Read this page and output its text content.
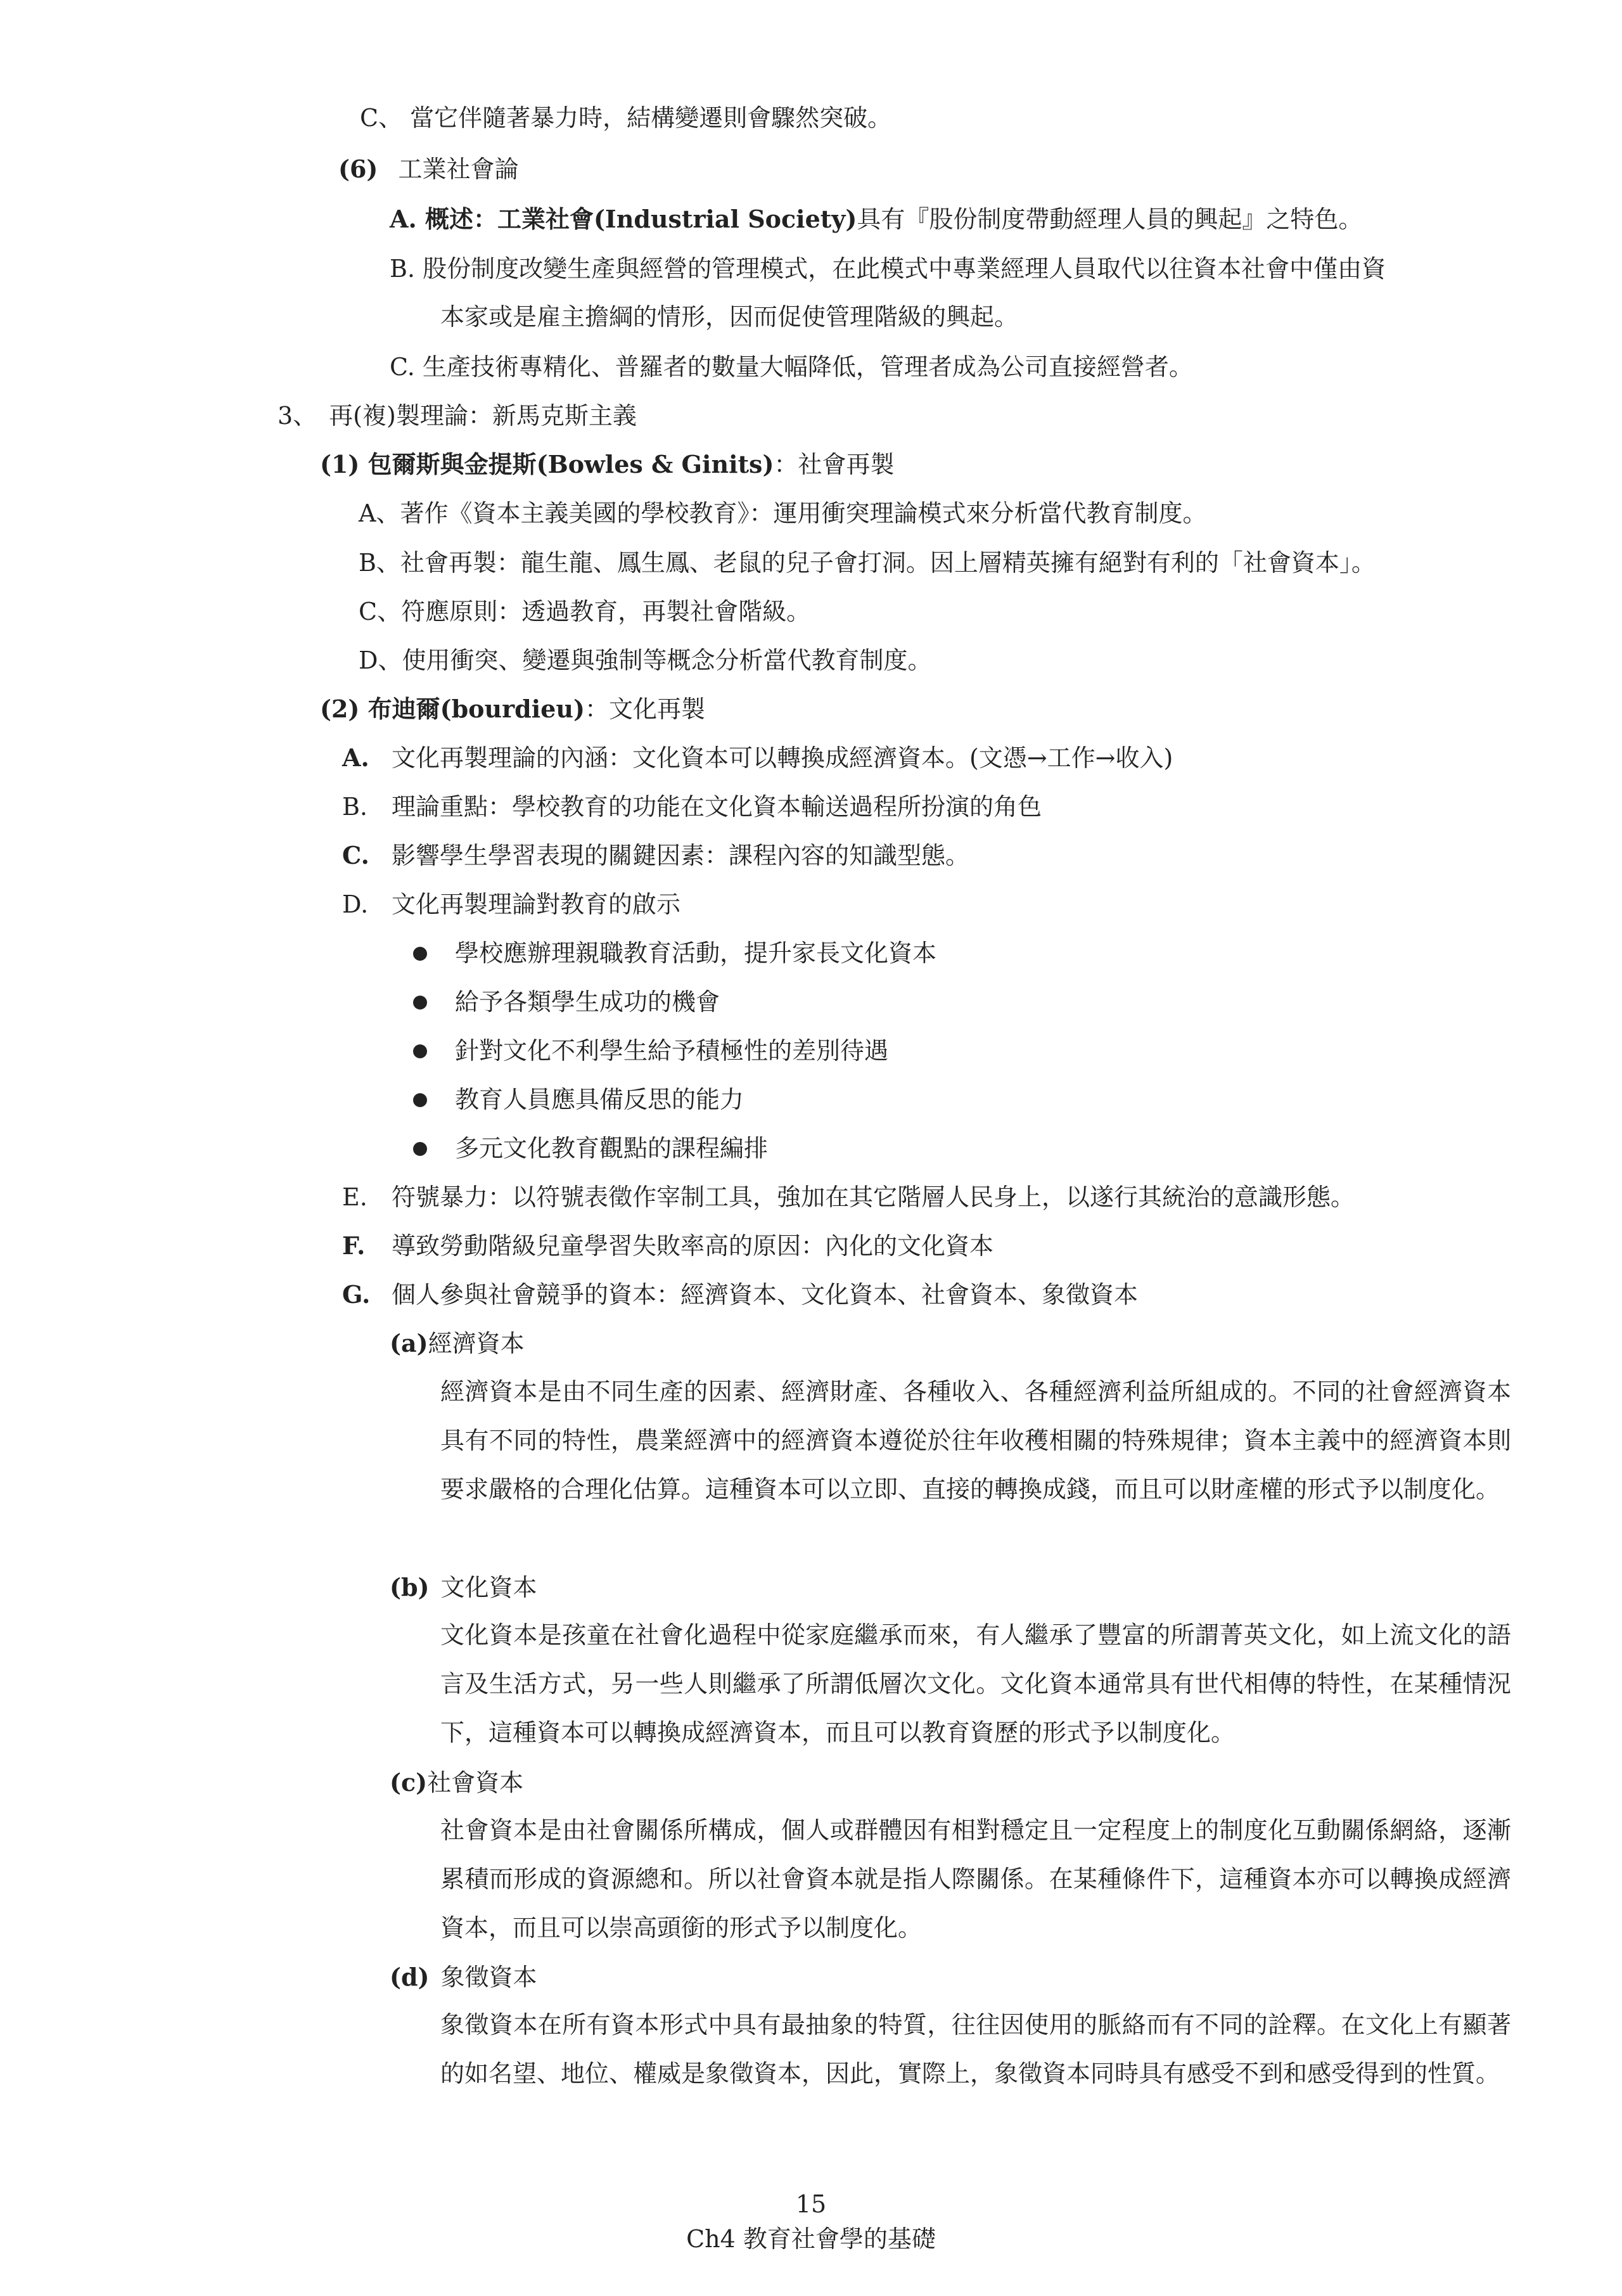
C、 當它伴隨著暴力時，結構變遷則會驟然突破。
(6) 工業社會論
A. 概述：工業社會(Industrial Society)具有『股份制度帶動經理人員的興起』之特色。
B. 股份制度改變生產與經營的管理模式，在此模式中專業經理人員取代以往資本社會中僅由資
本家或是雇主擔綱的情形，因而促使管理階級的興起。
C. 生產技術專精化、普羅者的數量大幅降低，管理者成為公司直接經營者。
3、　再(複)製理論：新馬克斯主義
(1) 包爾斯與金提斯(Bowles & Ginits)：社會再製
A、著作《資本主義美國的學校教育》：運用衝突理論模式來分析當代教育制度。
B、社會再製：龍生龍、鳳生鳳、老鼠的兒子會打洞。因上層精英擁有絕對有利的「社會資本」。
C、符應原則：透過教育，再製社會階級。
D、使用衝突、變遷與強制等概念分析當代教育制度。
(2) 布迪爾(bourdieu)：文化再製
A. 文化再製理論的內涵：文化資本可以轉換成經濟資本。(文憑→工作→收入)
B. 理論重點：學校教育的功能在文化資本輸送過程所扮演的角色
C. 影響學生學習表現的關鍵因素：課程內容的知識型態。
D. 文化再製理論對教育的啟示
學校應辦理親職教育活動，提升家長文化資本
給予各類學生成功的機會
針對文化不利學生給予積極性的差別待遇
教育人員應具備反思的能力
多元文化教育觀點的課程編排
E. 符號暴力：以符號表徵作宰制工具，強加在其它階層人民身上，以遂行其統治的意識形態。
F. 導致勞動階級兒童學習失敗率高的原因：內化的文化資本
G. 個人參與社會競爭的資本：經濟資本、文化資本、社會資本、象徵資本
(a)經濟資本
經濟資本是由不同生產的因素、經濟財產、各種收入、各種經濟利益所組成的。不同的社會經濟資本具有不同的特性，農業經濟中的經濟資本遵從於往年收穫相關的特殊規律；資本主義中的經濟資本則要求嚴格的合理化估算。這種資本可以立即、直接的轉換成錢，而且可以財產權的形式予以制度化。
(b) 文化資本
文化資本是孩童在社會化過程中從家庭繼承而來，有人繼承了豐富的所謂菁英文化，如上流文化的語言及生活方式，另一些人則繼承了所謂低層次文化。文化資本通常具有世代相傳的特性，在某種情況下，這種資本可以轉換成經濟資本，而且可以教育資歷的形式予以制度化。
(c)社會資本
社會資本是由社會關係所構成，個人或群體因有相對穩定且一定程度上的制度化互動關係網絡，逐漸累積而形成的資源總和。所以社會資本就是指人際關係。在某種條件下，這種資本亦可以轉換成經濟資本，而且可以崇高頭銜的形式予以制度化。
(d) 象徵資本
象徵資本在所有資本形式中具有最抽象的特質，往往因使用的脈絡而有不同的詮釋。在文化上有顯著的如名望、地位、權威是象徵資本，因此，實際上，象徵資本同時具有感受不到和感受得到的性質。
15
Ch4 教育社會學的基礎
